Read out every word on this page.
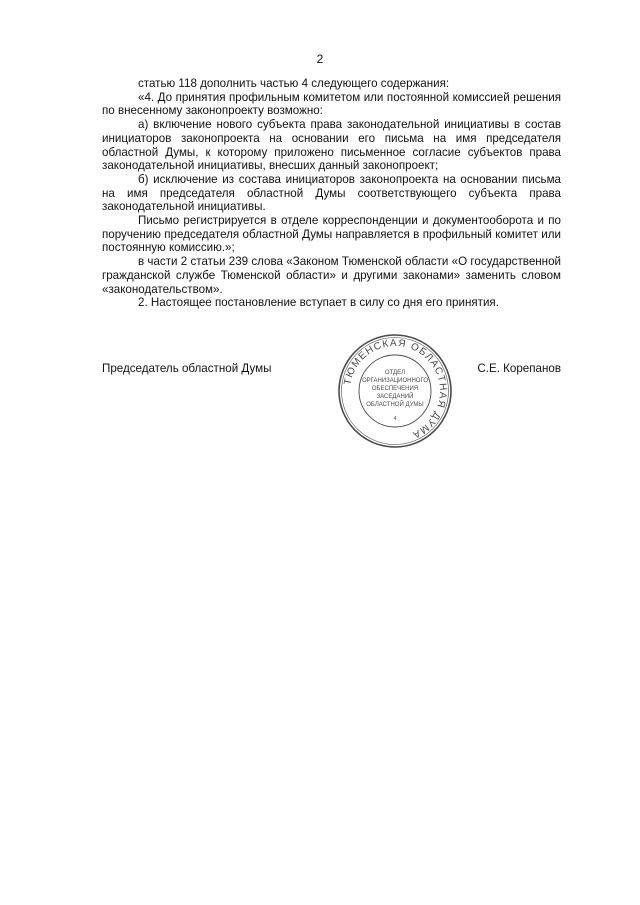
2

статью 118 дополнить частью 4 следующего содержания:

«4. До принятия профильным комитетом или постоянной комиссией решения по внесенному законопроекту возможно:

а) включение нового субъекта права законодательной инициативы в состав инициаторов законопроекта на основании его письма на имя председателя областной Думы, к которому приложено письменное согласие субъектов права законодательной инициативы, внесших данный законопроект;

б) исключение из состава инициаторов законопроекта на основании письма на имя председателя областной Думы соответствующего субъекта права законодательной инициативы.

Письмо регистрируется в отделе корреспонденции и документооборота и по поручению председателя областной Думы направляется в профильный комитет или постоянную комиссию.»;

в части 2 статьи 239 слова «Законом Тюменской области «О государственной гражданской службе Тюменской области» и другими законами» заменить словом «законодательством».

2. Настоящее постановление вступает в силу со дня его принятия.

Председатель областной Думы	С.Е. Корепанов
ТЮМЕНСКАЯ ОБЛАСТНАЯ ДУМА
ОТДЕЛ
ОРГАНИЗАЦИОННОГО
ОБЕСПЕЧЕНИЯ
ЗАСЕДАНИЙ
ОБЛАСТНОЙ ДУМЫ
4
